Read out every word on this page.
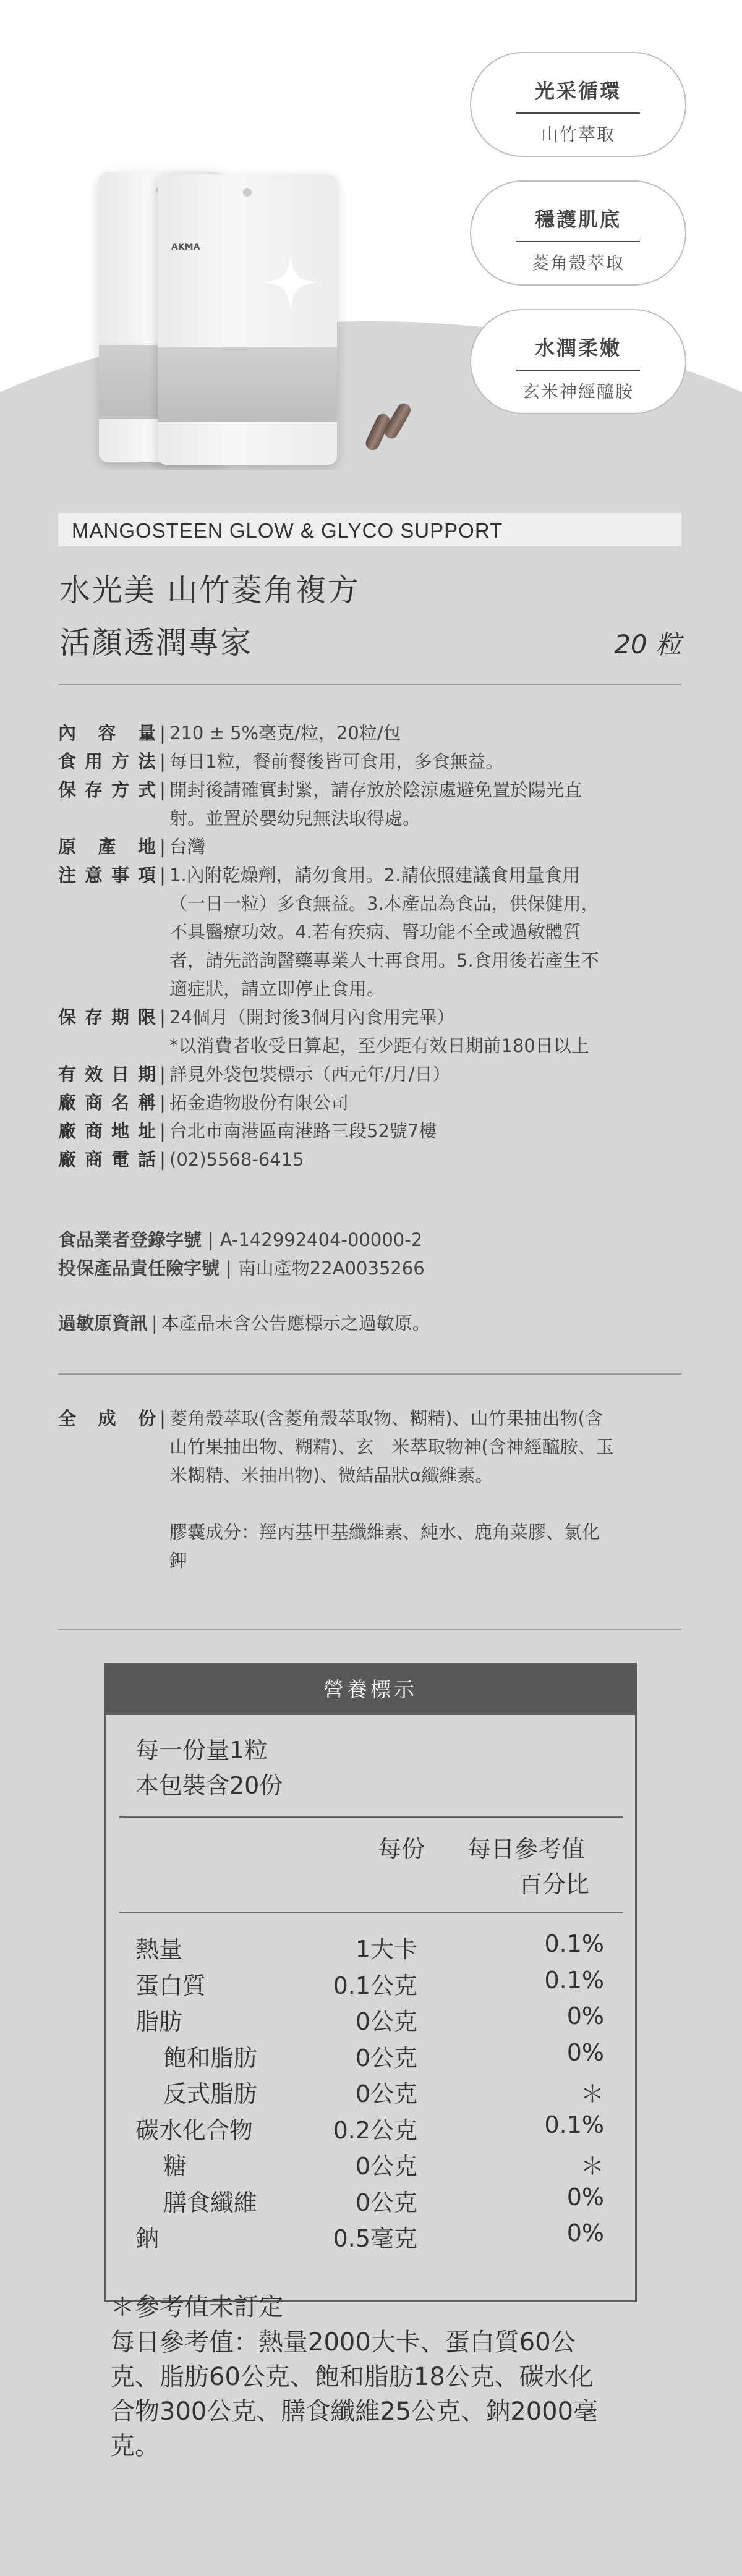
AKMA
光采循環
山竹萃取
穩護肌底
菱角殼萃取
水潤柔嫩
玄米神經醯胺
MANGOSTEEN GLOW & GLYCO SUPPORT
水光美 山竹菱角複方
活顏透潤專家	20 粒
內容量 | 210 ± 5%毫克/粒，20粒/包
食用方法 | 每日1粒，餐前餐後皆可食用，多食無益。
保存方式 | 開封後請確實封緊，請存放於陰涼處避免置於陽光直
射。並置於嬰幼兒無法取得處。
原產地 | 台灣
注意事項 | 1.內附乾燥劑，請勿食用。2.請依照建議食用量食用
（一日一粒）多食無益。3.本產品為食品，供保健用，
不具醫療功效。4.若有疾病、腎功能不全或過敏體質
者，請先諮詢醫藥專業人士再食用。5.食用後若產生不
適症狀，請立即停止食用。
保存期限 | 24個月（開封後3個月內食用完畢）
*以消費者收受日算起，至少距有效日期前180日以上
有效日期 | 詳見外袋包裝標示（西元年/月/日）
廠商名稱 | 拓金造物股份有限公司
廠商地址 | 台北市南港區南港路三段52號7樓
廠商電話 | (02)5568-6415
食品業者登錄字號 | A-142992404-00000-2
投保產品責任險字號 | 南山產物22A0035266
過敏原資訊 | 本產品未含公告應標示之過敏原。
全成份 | 菱角殼萃取(含菱角殼萃取物、糊精)、山竹果抽出物(含
山竹果抽出物、糊精)、玄　米萃取物神(含神經醯胺、玉
米糊精、米抽出物)、微結晶狀α纖維素。
膠囊成分：羥丙基甲基纖維素、純水、鹿角菜膠、氯化
鉀
營養標示
每一份量1粒
本包裝含20份
每份 每日參考值
百分比
熱量	1大卡	0.1%
蛋白質	0.1公克	0.1%
脂肪	0公克	0%
飽和脂肪	0公克	0%
反式脂肪	0公克	＊
碳水化合物	0.2公克	0.1%
糖	0公克	＊
膳食纖維	0公克	0%
鈉	0.5毫克	0%
＊參考值未訂定
每日參考值：熱量2000大卡、蛋白質60公
克、脂肪60公克、飽和脂肪18公克、碳水化
合物300公克、膳食纖維25公克、鈉2000毫
克。
